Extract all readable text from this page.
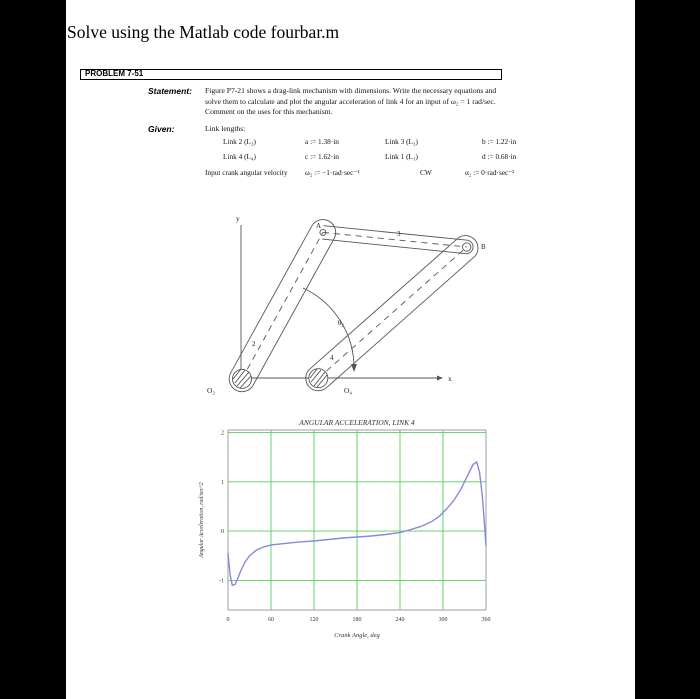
Solve using the Matlab code fourbar.m
PROBLEM 7-51
Statement: Figure P7-21 shows a drag-link mechanism with dimensions. Write the necessary equations and
solve them to calculate and plot the angular acceleration of link 4 for an input of ω₂ = 1 rad/sec.
Comment on the uses for this mechanism.
Given:	Link lengths:
Link 2 (L₂)	a := 1.38·in	Link 3 (L₃)	b := 1.22·in
Link 4 (L₄)	c := 1.62·in	Link 1 (L₁)	d := 0.68·in
Input crank angular velocity ω₂ := −1·rad·sec⁻¹	CW	α₂ := 0·rad·sec⁻²
y
x
A
B
3
2
4
θ₂
O₂	O₄
0	60	120	180	240	300	360
-1
0
1
2
ANGULAR ACCELERATION, LINK 4
Crank Angle, deg
Angular Acceleration, rad/sec^2
